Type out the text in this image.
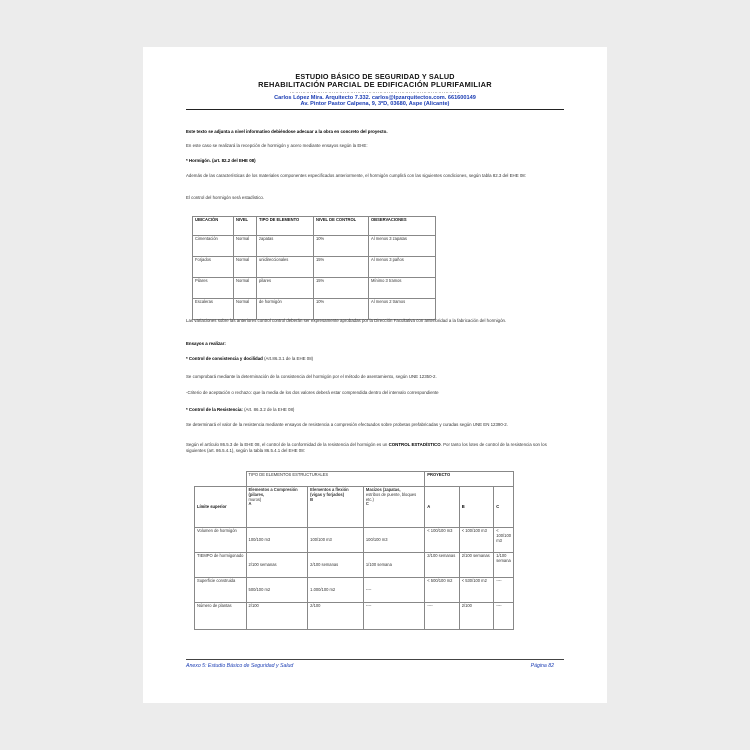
ESTUDIO BÁSICO DE SEGURIDAD Y SALUD
REHABILITACIÓN PARCIAL DE EDIFICACIÓN PLURIFAMILIAR
…………………………………………………………………………………
Carlos López Mira. Arquitecto 7.332. carlos@lpzarquitectos.com. 661600149
Av. Pintor Pastor Calpena, 9, 3ºD, 03680, Aspe (Alicante)

Este texto se adjunta a nivel informativo debiéndose adecuar a la obra en concreto del proyecto.

En este caso se realizará la recepción de hormigón y acero mediante ensayos según la EHE:

* Hormigón. (art. 82.2 del EHE 08)

Además de las características de los materiales componentes especificados anteriormente, el hormigón cumplirá con las siguientes condiciones, según tabla 82.3 del EHE 08:

El control del hormigón será estadístico.

UBICACIÓN	NIVEL	TIPO DE ELEMENTO	NIVEL DE CONTROL	OBSERVACIONES
Cimentación	Normal	zapatas	10%	Al menos 3 zapatas
Forjados	Normal	unidireccionales	15%	Al menos 3 paños
Pilares	Normal	pilares	15%	Mínimo 3 tramos
Escaleras	Normal	de hormigón	10%	Al menos 2 tramos

Las variaciones sobre las anteriores control control deberán ser expresamente aprobadas por la Dirección Facultativa con anterioridad a la fabricación del hormigón.

Ensayos a realizar:

* Control de consistencia y docilidad (Art.86.3.1 de la EHE 08)

Se comprobará mediante la determinación de la consistencia del hormigón por el método de asentamiento, según UNE 12350-2.

-Criterio de aceptación o rechazo: que la media de los dos valores deberá estar comprendida dentro del intervalo correspondiente

* Control de la Resistencia: (Art. 86.3.2 de la EHE 08)

Se determinará el valor de la resistencia mediante ensayos de resistencia a compresión efectuados sobre probetas prefabricadas y curadas según UNE EN 12390-2.

Según el artículo 86.5.3 de la EHE 08, el control de la conformidad de la resistencia del hormigón es un CONTROL ESTADÍSTICO. Por tanto los lotes de control de la resistencia son los siguientes (art. 86.5.4.1), según la tabla 86.5.4.1 del EHE 08:

	TIPO DE ELEMENTOS ESTRUCTURALES			PROYECTO		
Límite superior	Elementos a Compresión (pilares,
muros)
A	Elementos a flexión (vigas y forjados)
B	Macizos (zapatas,
estribos de puente, bloques etc.)
C	A	B	C
Volumen de hormigón	100/100 m3	100/100 m3	100/100 m3	< 100/100 m3	< 100/100 m3	< 100/100 m3
TIEMPO de hormigonado	2/100 semanas	2/100 semanas	1/100 semana	2/100 semanas	2/100 semanas	1/100 semana
Superficie construida	500/100 m2	1.000/100 m2	----	< 500/100 m2	< 530/100 m2	----
Número de plantas	2/100	2/100	----	----	2/100	----
Anexo 5: Estudio Básico de Seguridad y Salud	Página 82
